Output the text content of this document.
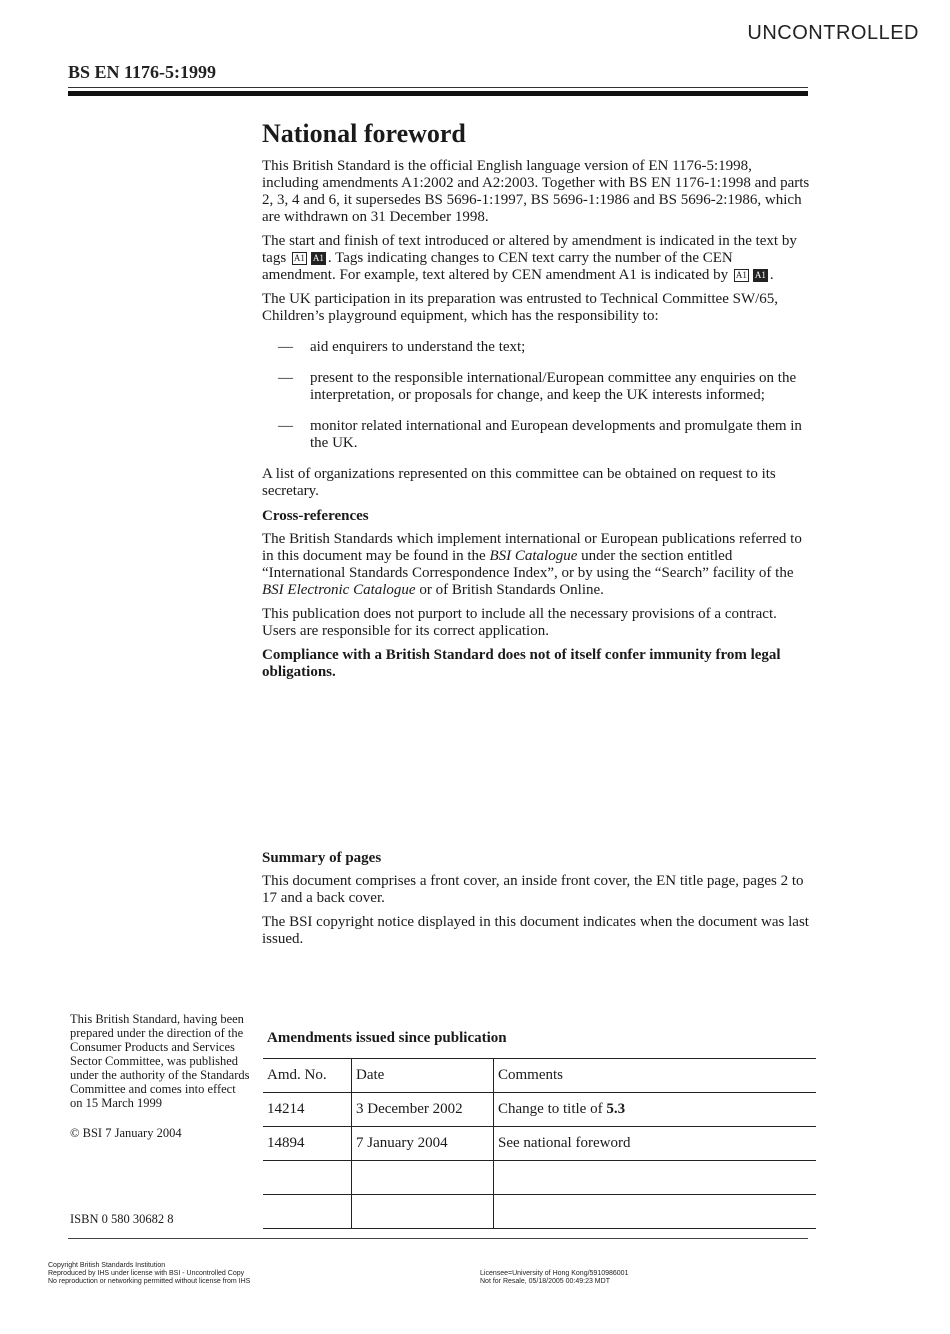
UNCONTROLLED
BS EN 1176-5:1999
National foreword

This British Standard is the official English language version of EN 1176-5:1998, including amendments A1:2002 and A2:2003. Together with BS EN 1176-1:1998 and parts 2, 3, 4 and 6, it supersedes BS 5696-1:1997, BS 5696-1:1986 and BS 5696-2:1986, which are withdrawn on 31 December 1998.

The start and finish of text introduced or altered by amendment is indicated in the text by tags A1 A1 . Tags indicating changes to CEN text carry the number of the CEN amendment. For example, text altered by CEN amendment A1 is indicated by A1 A1 .

The UK participation in its preparation was entrusted to Technical Committee SW/65, Children’s playground equipment, which has the responsibility to:

— aid enquirers to understand the text;
— present to the responsible international/European committee any enquiries on the interpretation, or proposals for change, and keep the UK interests informed;
— monitor related international and European developments and promulgate them in the UK.

A list of organizations represented on this committee can be obtained on request to its secretary.

Cross-references

The British Standards which implement international or European publications referred to in this document may be found in the BSI Catalogue under the section entitled “International Standards Correspondence Index”, or by using the “Search” facility of the BSI Electronic Catalogue or of British Standards Online.

This publication does not purport to include all the necessary provisions of a contract. Users are responsible for its correct application.

Compliance with a British Standard does not of itself confer immunity from legal obligations.

Summary of pages

This document comprises a front cover, an inside front cover, the EN title page, pages 2 to 17 and a back cover.

The BSI copyright notice displayed in this document indicates when the document was last issued.

This British Standard, having been prepared under the direction of the Consumer Products and Services Sector Committee, was published under the authority of the Standards Committee and comes into effect on 15 March 1999

© BSI 7 January 2004

ISBN 0 580 30682 8
Amendments issued since publication
Amd. No.	Date	Comments
14214	3 December 2002	Change to title of 5.3
14894	7 January 2004	See national foreword

Copyright British Standards Institution
Reproduced by IHS under license with BSI - Uncontrolled Copy
No reproduction or networking permitted without license from IHS
Licensee=University of Hong Kong/5910986001
Not for Resale, 05/18/2005 00:49:23 MDT
